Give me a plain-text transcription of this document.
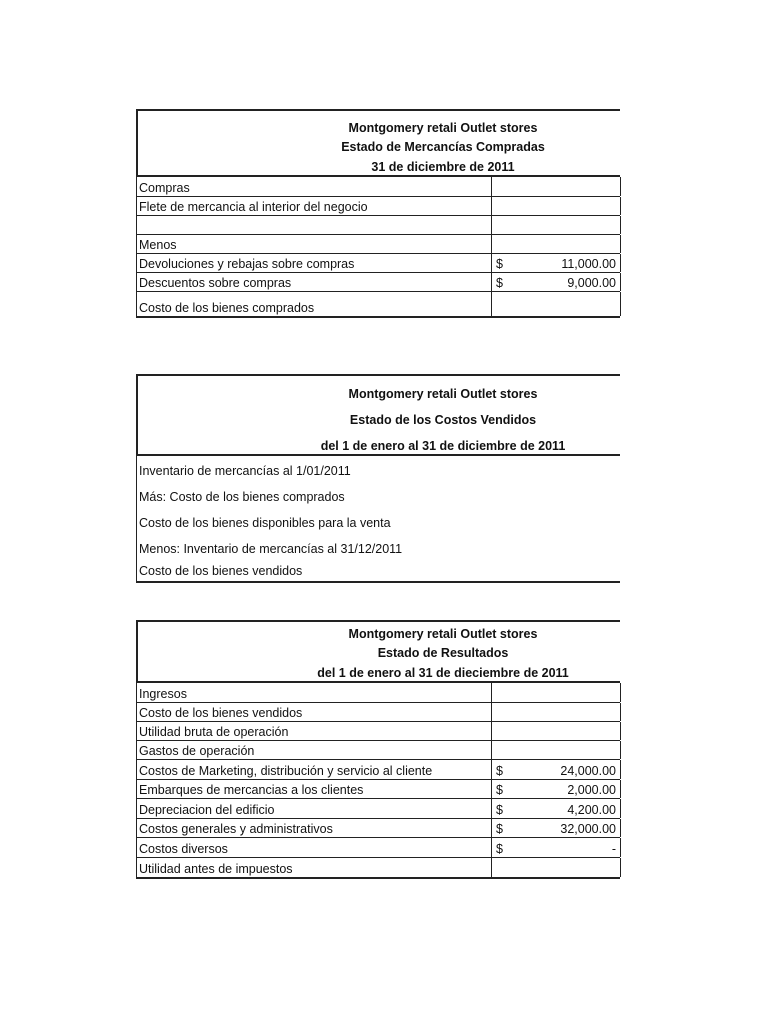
Montgomery retali Outlet stores
Estado de Mercancías Compradas
31 de diciembre de 2011
Compras
Flete de mercancia al interior del negocio
Menos
Devoluciones y rebajas sobre compras	$	11,000.00
Descuentos sobre compras	$	9,000.00
Costo de los bienes comprados
Montgomery retali Outlet stores
Estado de los Costos Vendidos
del 1 de enero al 31 de diciembre de 2011
Inventario de mercancías al 1/01/2011
Más: Costo de los bienes comprados
Costo de los bienes disponibles para la venta
Menos: Inventario de mercancías al 31/12/2011
Costo de los bienes vendidos
Montgomery retali Outlet stores
Estado de Resultados
del 1 de enero al 31 de dieciembre de 2011
Ingresos
Costo de los bienes vendidos
Utilidad bruta de operación
Gastos de operación
Costos de Marketing, distribución y servicio al cliente	$	24,000.00
Embarques de mercancias a los clientes	$	2,000.00
Depreciacion del edificio	$	4,200.00
Costos generales y administrativos	$	32,000.00
Costos diversos	$	-
Utilidad antes de impuestos
